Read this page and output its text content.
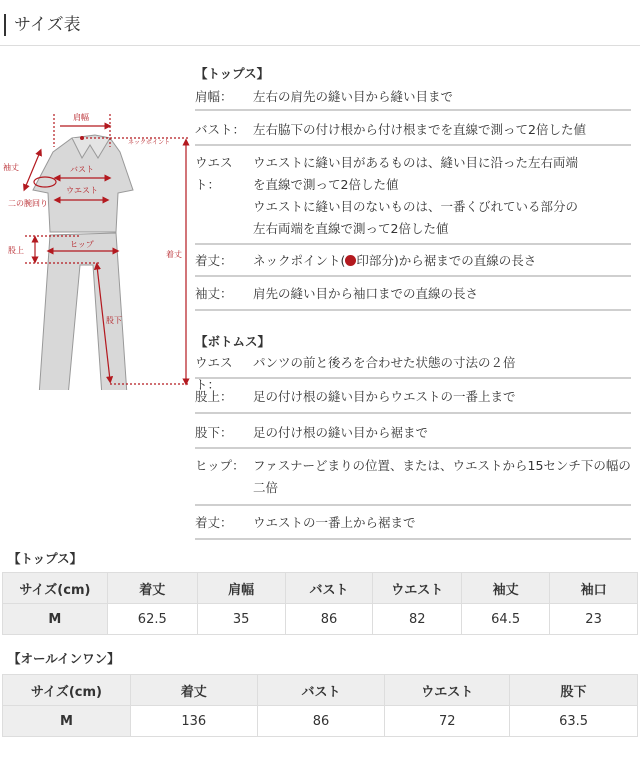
サイズ表
肩幅
ネックポイント
袖丈	バスト
ウエスト
二の腕回り
着丈
股上
ヒップ
股下
【トップス】
肩幅：	左右の肩先の縫い目から縫い目まで
バスト： 左右脇下の付け根から付け根までを直線で測って2倍した値
ウエスト：
ウエストに縫い目があるものは、縫い目に沿った左右両端
を直線で測って2倍した値
ウエストに縫い目のないものは、一番くびれている部分の
左右両端を直線で測って2倍した値
着丈：	ネックポイント( 印部分)から裾までの直線の長さ
袖丈：	肩先の縫い目から袖口までの直線の長さ
【ボトムス】
ウエスト：
パンツの前と後ろを合わせた状態の寸法の２倍
股上：	足の付け根の縫い目からウエストの一番上まで
股下：	足の付け根の縫い目から裾まで
ヒップ： ファスナーどまりの位置、または、ウエストから15センチ下の幅の
二倍
着丈：	ウエストの一番上から裾まで
【トップス】
サイズ(cm)	着丈	肩幅	バスト	ウエスト	袖丈	袖口
M	62.5	35	86	82	64.5	23
【オールインワン】
サイズ(cm)	着丈	バスト	ウエスト	股下
M	136	86	72	63.5
